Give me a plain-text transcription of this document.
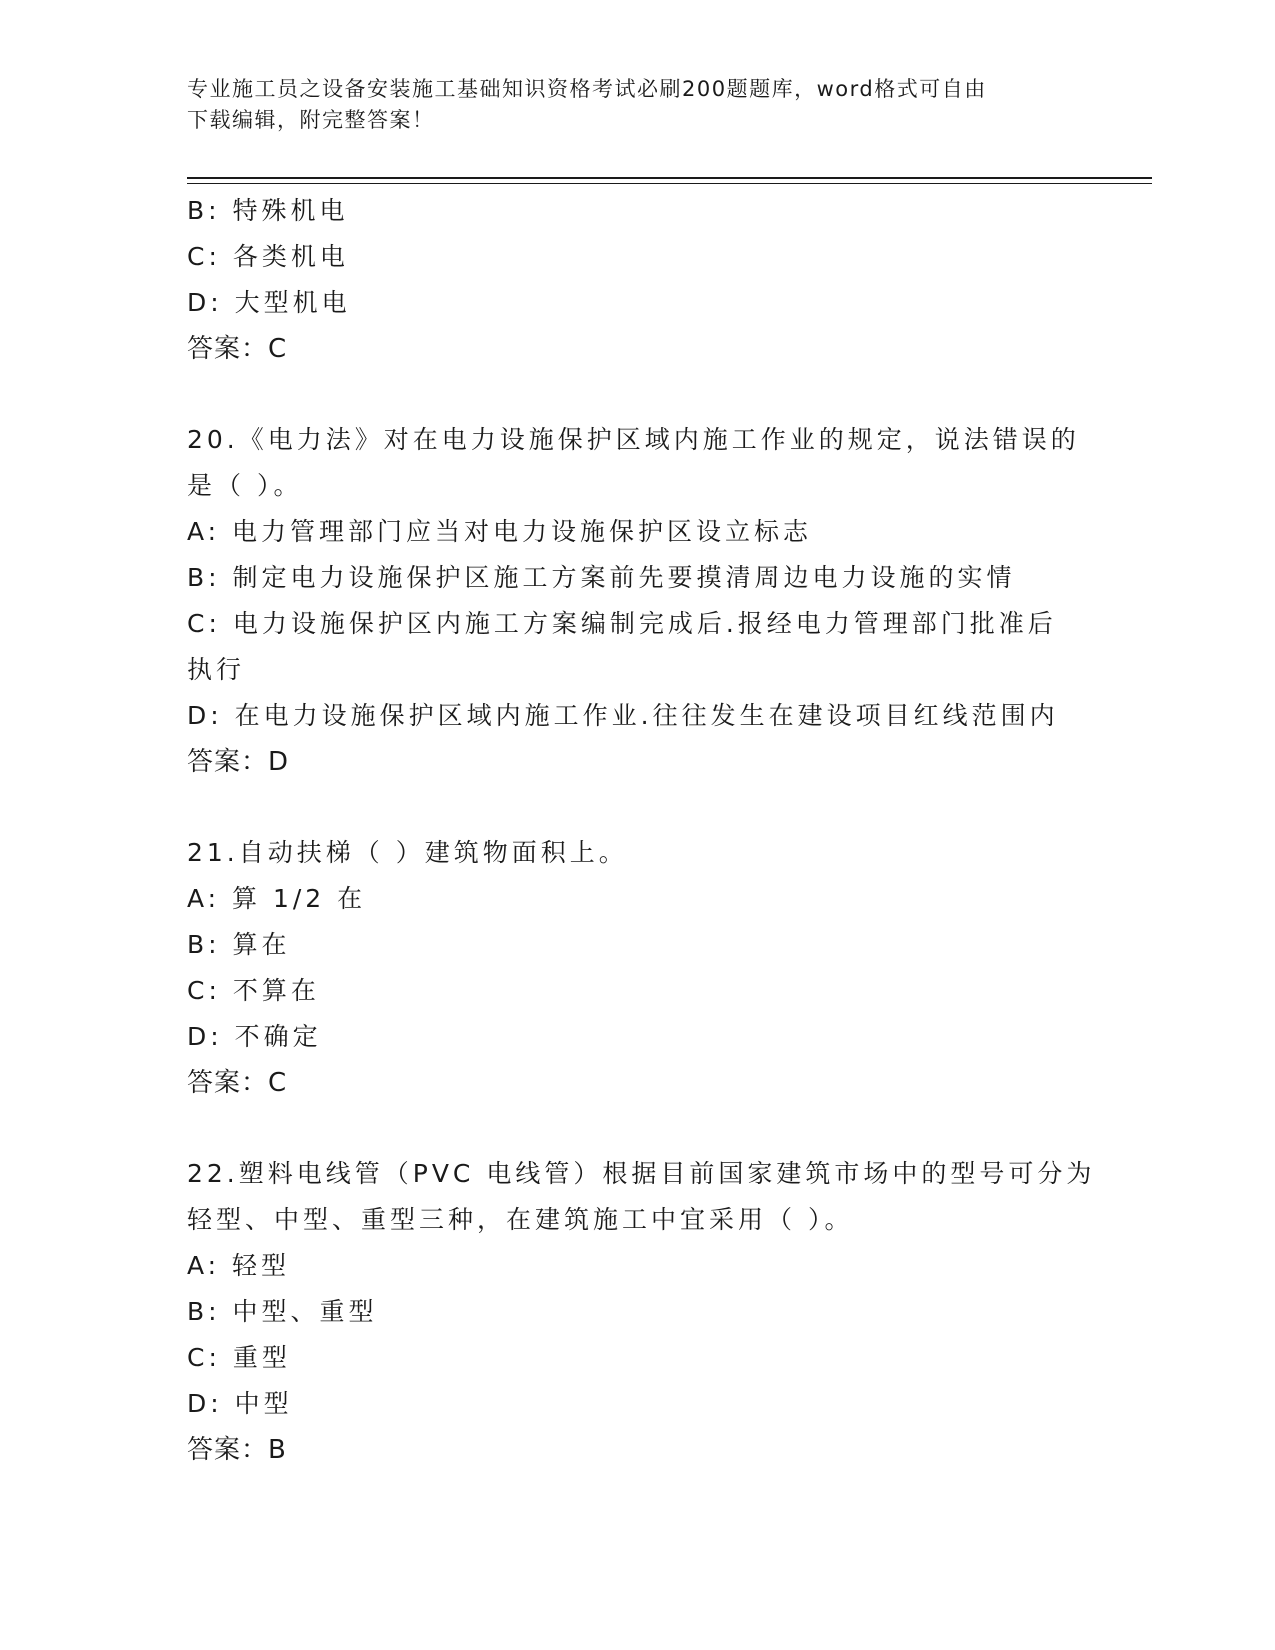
专业施工员之设备安装施工基础知识资格考试必刷200题题库，word格式可自由
下载编辑，附完整答案！
B: 特殊机电
C: 各类机电
D: 大型机电
答案：C
20.《电力法》对在电力设施保护区域内施工作业的规定，说法错误的
是（ ）。
A: 电力管理部门应当对电力设施保护区设立标志
B: 制定电力设施保护区施工方案前先要摸清周边电力设施的实情
C: 电力设施保护区内施工方案编制完成后.报经电力管理部门批准后
执行
D: 在电力设施保护区域内施工作业.往往发生在建设项目红线范围内
答案：D
21.自动扶梯（ ）建筑物面积上。
A: 算 1/2 在
B: 算在
C: 不算在
D: 不确定
答案：C
22.塑料电线管（PVC 电线管）根据目前国家建筑市场中的型号可分为
轻型、中型、重型三种，在建筑施工中宜采用（ ）。
A: 轻型
B: 中型、重型
C: 重型
D: 中型
答案：B
